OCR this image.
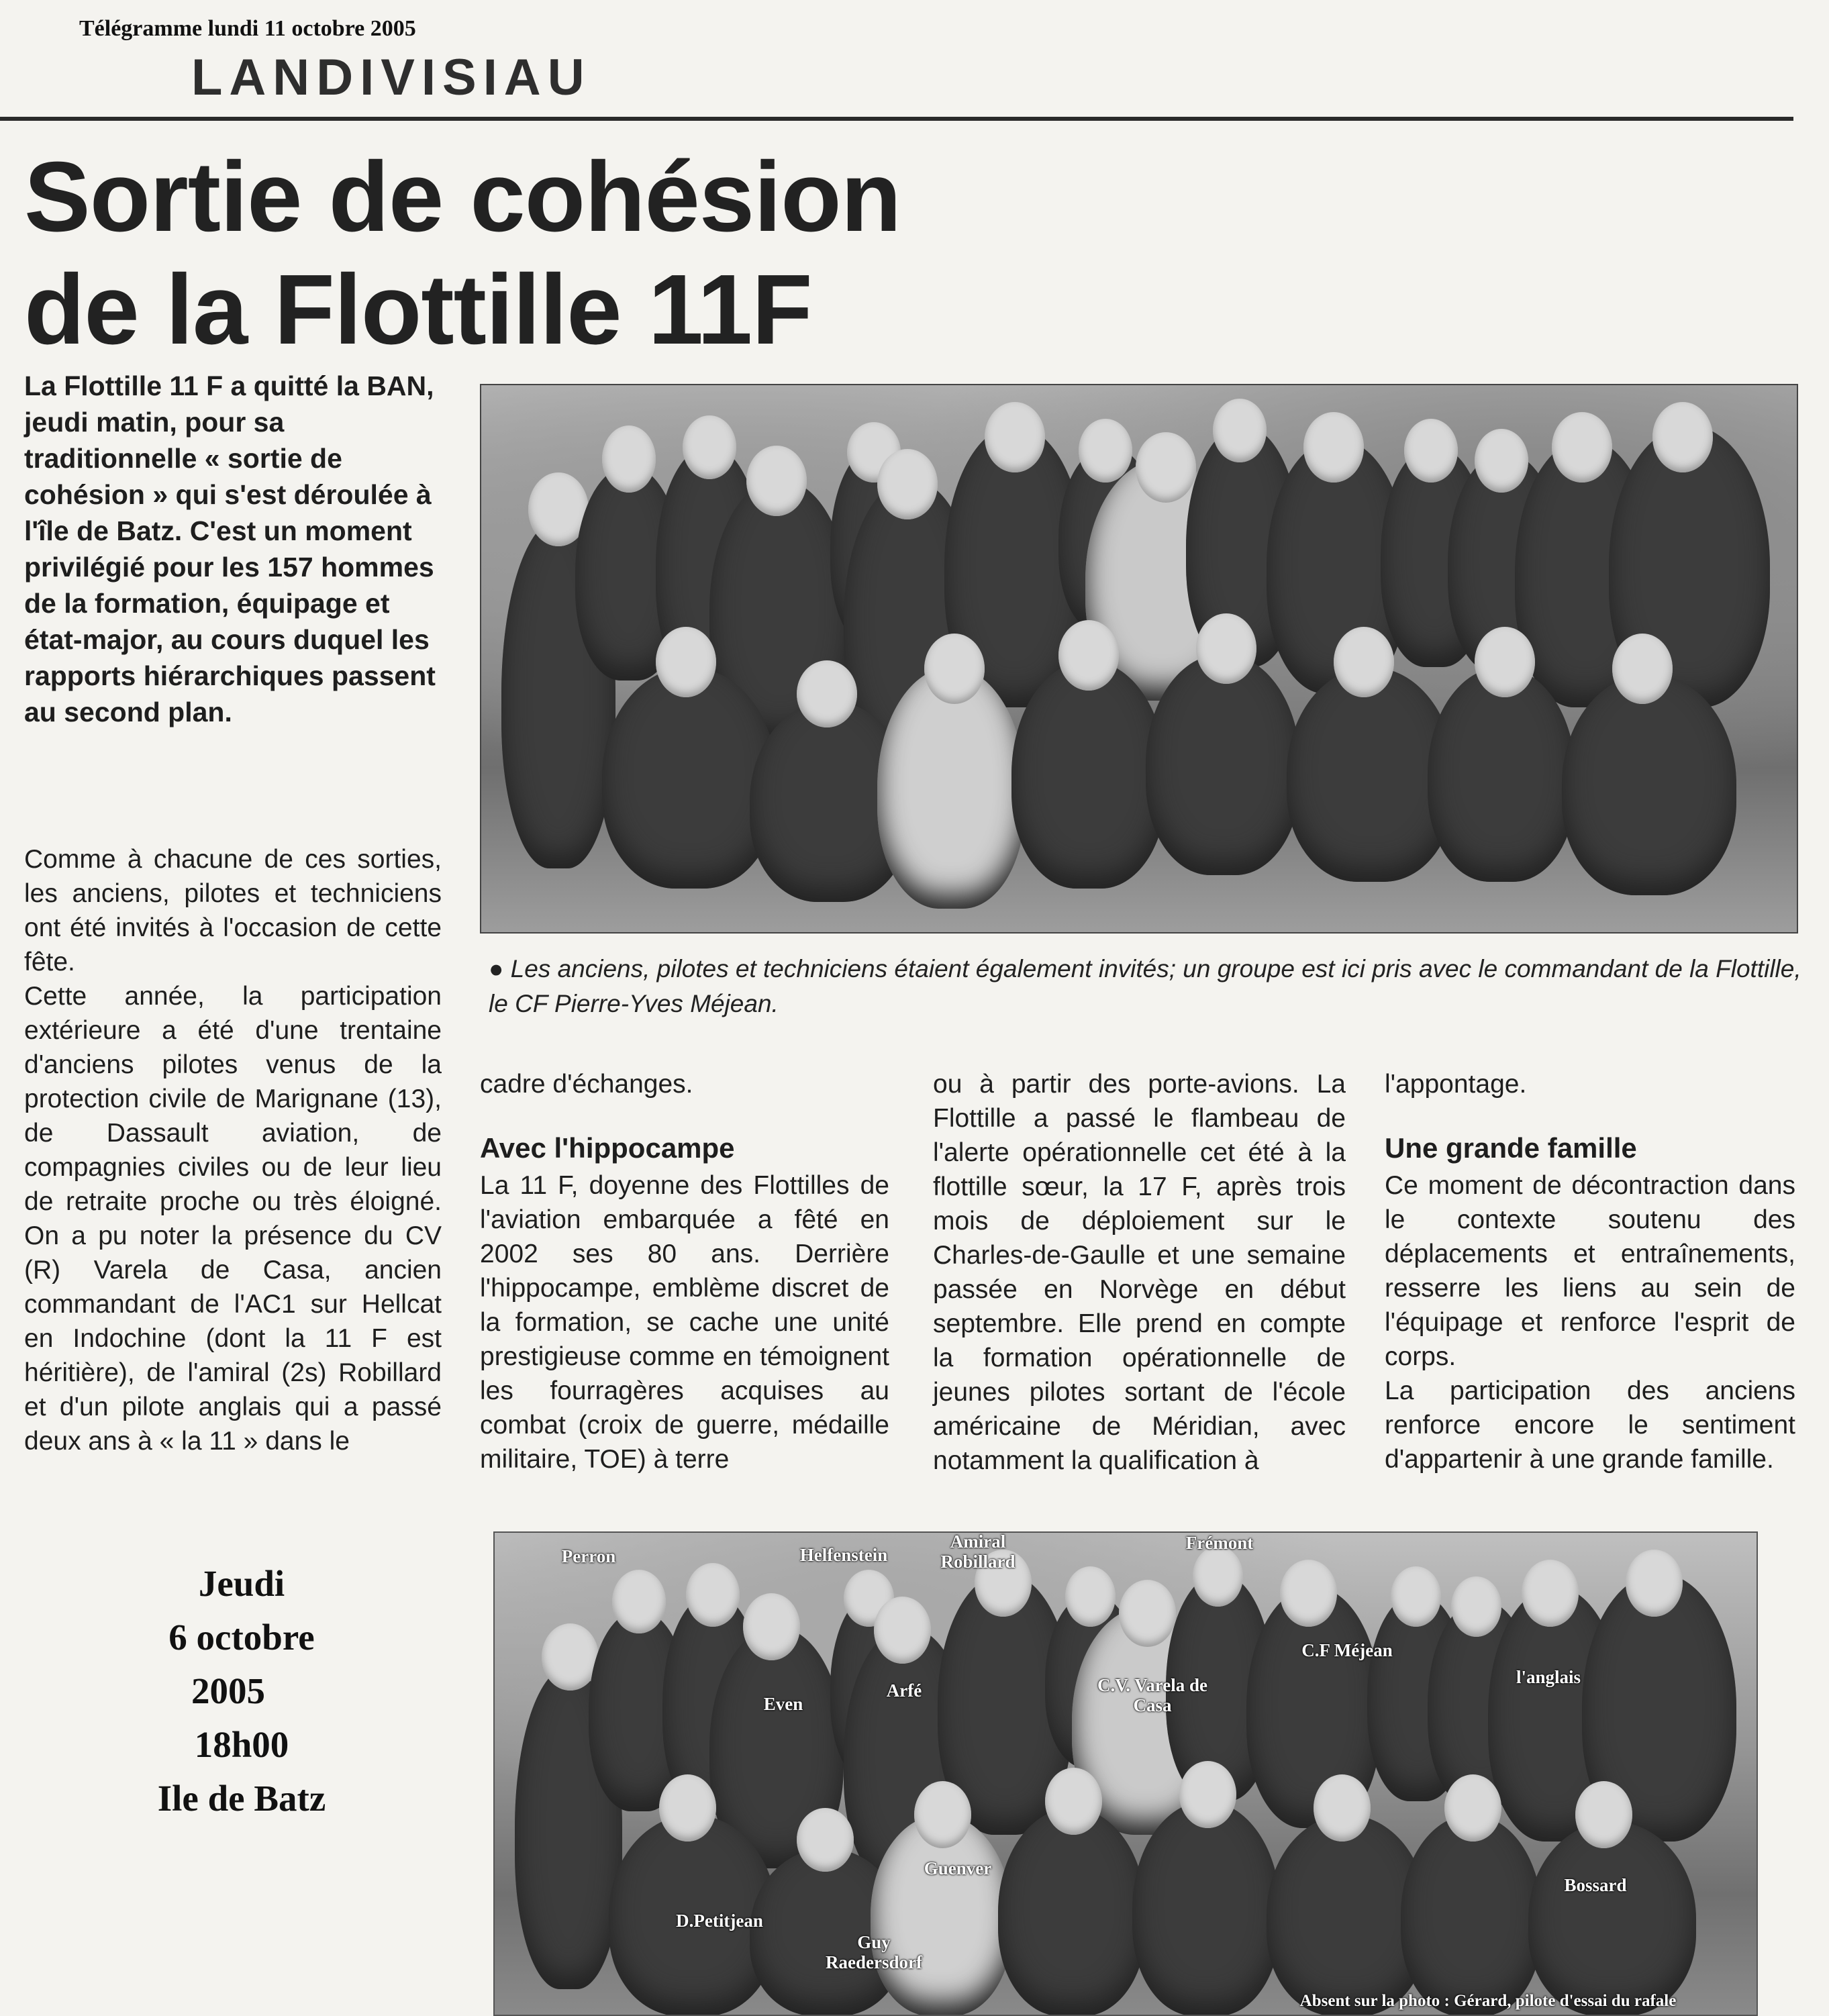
Télégramme lundi 11 octobre 2005
LANDIVISIAU
Sortie de cohésion
de la Flottille 11F
La Flottille 11 F a quitté la BAN, jeudi matin, pour sa traditionnelle « sortie de cohésion » qui s'est déroulée à l'île de Batz. C'est un moment privilégié pour les 157 hommes de la formation, équipage et état-major, au cours duquel les rapports hiérarchiques passent au second plan.
● Les anciens, pilotes et techniciens étaient également invités; un groupe est ici pris avec le commandant de la Flottille, le CF Pierre-Yves Méjean.

Comme à chacune de ces sorties, les anciens, pilotes et techniciens ont été invités à l'occasion de cette fête.

Cette année, la participation extérieure a été d'une trentaine d'anciens pilotes venus de la protection civile de Marignane (13), de Dassault aviation, de compagnies civiles ou de leur lieu de retraite proche ou très éloigné. On a pu noter la présence du CV (R) Varela de Casa, ancien commandant de l'AC1 sur Hellcat en Indochine (dont la 11 F est héritière), de l'amiral (2s) Robillard et d'un pilote anglais qui a passé deux ans à « la 11 » dans le

cadre d'échanges.

Avec l'hippocampe

La 11 F, doyenne des Flottilles de l'aviation embarquée a fêté en 2002 ses 80 ans. Derrière l'hippocampe, emblème discret de la formation, se cache une unité prestigieuse comme en témoignent les fourragères acquises au combat (croix de guerre, médaille militaire, TOE) à terre

ou à partir des porte-avions. La Flottille a passé le flambeau de l'alerte opérationnelle cet été à la flottille sœur, la 17 F, après trois mois de déploiement sur le Charles-de-Gaulle et une semaine passée en Norvège en début septembre. Elle prend en compte la formation opérationnelle de jeunes pilotes sortant de l'école américaine de Méridian, avec notamment la qualification à

l'appontage.

Une grande famille

Ce moment de décontraction dans le contexte soutenu des déplacements et entraînements, resserre les liens au sein de l'équipage et renforce l'esprit de corps.

La participation des anciens renforce encore le sentiment d'appartenir à une grande famille.

Jeudi
6 octobre
2005
18h00
Ile de Batz
Perron	Helfenstein
Amiral Robillard
Frémont
C.F Méjean
C.V. Varela de Casa
Even
Arfé
l'anglais
Guenver
D.Petitjean
Guy Raedersdorf
Bossard
Absent sur la photo : Gérard, pilote d'essai du rafale
